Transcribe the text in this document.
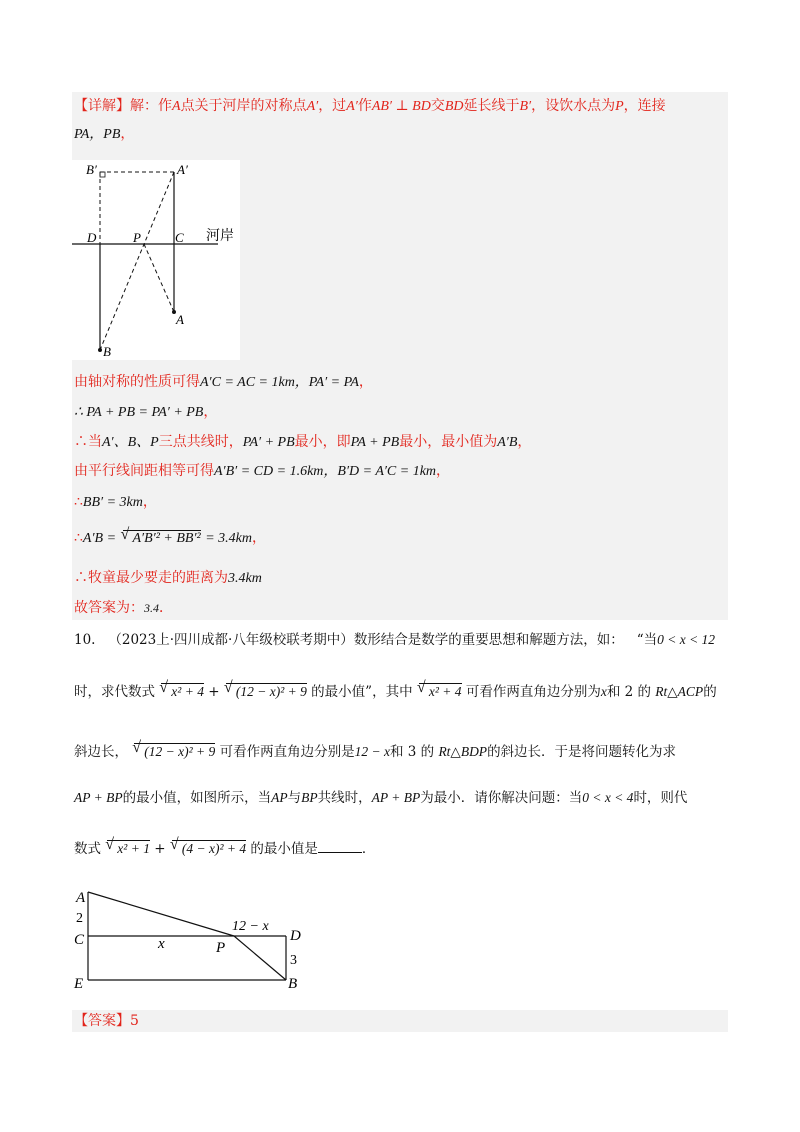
【详解】解：作A点关于河岸的对称点A′，过A′作AB′ ⊥ BD交BD延长线于B′，设饮水点为P，连接
PA，PB，
B′	A′
D	P	C 河岸
A
B
由轴对称的性质可得A′C = AC = 1km，PA′ = PA，
∴ PA + PB = PA′ + PB，
∴当A′、B、P三点共线时，PA′ + PB最小，即PA + PB最小，最小值为A′B，
由平行线间距相等可得A′B′ = CD = 1.6km，B′D = A′C = 1km，
∴BB′ = 3km，
∴A′B = √ A′B′² + BB′² = 3.4km，
∴牧童最少要走的距离为3.4km
故答案为：3.4．
10. （2023上·四川成都·八年级校联考期中）数形结合是数学的重要思想和解题方法，如： “当0 < x < 12
时，求代数式 √ x² + 4 + √ (12 − x)² + 9 的最小值”，其中 √ x² + 4 可看作两直角边分别为x和 2 的 Rt△ACP的
斜边长， √ (12 − x)² + 9 可看作两直角边分别是12 − x和 3 的 Rt△BDP的斜边长．于是将问题转化为求
AP + BP的最小值，如图所示，当AP与BP共线时，AP + BP为最小．请你解决问题：当0 < x < 4时，则代
数式 √ x² + 1 + √ (4 − x)² + 4 的最小值是	．
A
2
C	x	P
12 − x
D
3
E	B
【答案】5
